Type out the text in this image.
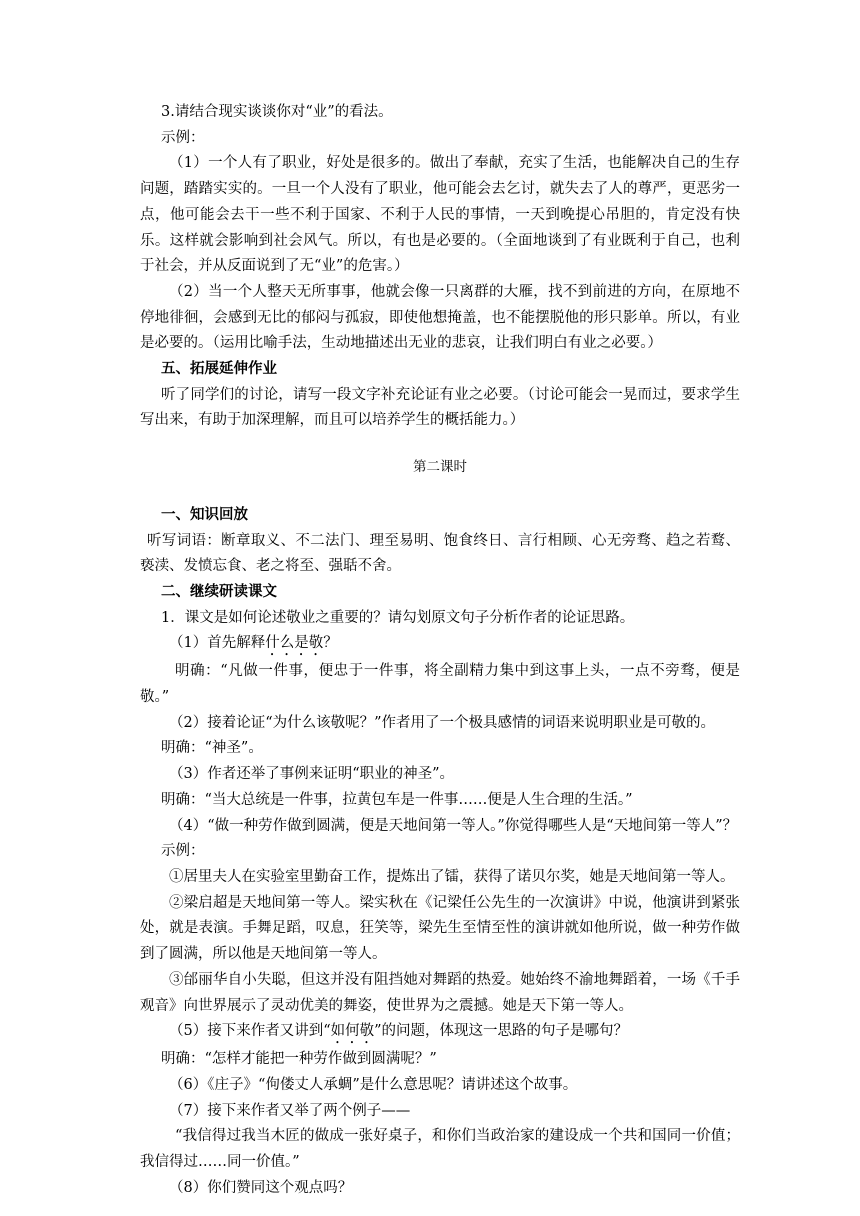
3.请结合现实谈谈你对“业”的看法。

示例：

（1）一个人有了职业，好处是很多的。做出了奉献，充实了生活，也能解决自己的生存问题，踏踏实实的。一旦一个人没有了职业，他可能会去乞讨，就失去了人的尊严，更恶劣一点，他可能会去干一些不利于国家、不利于人民的事情，一天到晚提心吊胆的，肯定没有快乐。这样就会影响到社会风气。所以，有也是必要的。（全面地谈到了有业既利于自己，也利于社会，并从反面说到了无“业”的危害。）

（2）当一个人整天无所事事，他就会像一只离群的大雁，找不到前进的方向，在原地不停地徘徊，会感到无比的郁闷与孤寂，即使他想掩盖，也不能摆脱他的形只影单。所以，有业是必要的。（运用比喻手法，生动地描述出无业的悲哀，让我们明白有业之必要。）

五、拓展延伸作业

听了同学们的讨论，请写一段文字补充论证有业之必要。（讨论可能会一晃而过，要求学生写出来，有助于加深理解，而且可以培养学生的概括能力。）

第二课时

一、知识回放

听写词语：断章取义、不二法门、理至易明、饱食终日、言行相顾、心无旁骛、趋之若鹜、亵渎、发愤忘食、老之将至、强聒不舍。

二、继续研读课文

1．课文是如何论述敬业之重要的？请勾划原文句子分析作者的论证思路。

（1）首先解释什么是敬？

明确：“凡做一件事，便忠于一件事，将全副精力集中到这事上头，一点不旁骛，便是敬。”

（2）接着论证“为什么该敬呢？”作者用了一个极具感情的词语来说明职业是可敬的。

明确：“神圣”。

（3）作者还举了事例来证明“职业的神圣”。

明确：“当大总统是一件事，拉黄包车是一件事……便是人生合理的生活。”

（4）“做一种劳作做到圆满，便是天地间第一等人。”你觉得哪些人是“天地间第一等人”？

示例：

①居里夫人在实验室里勤奋工作，提炼出了镭，获得了诺贝尔奖，她是天地间第一等人。

②梁启超是天地间第一等人。梁实秋在《记梁任公先生的一次演讲》中说，他演讲到紧张处，就是表演。手舞足蹈，叹息，狂笑等，梁先生至情至性的演讲就如他所说，做一种劳作做到了圆满，所以他是天地间第一等人。

③邰丽华自小失聪，但这并没有阻挡她对舞蹈的热爱。她始终不渝地舞蹈着，一场《千手观音》向世界展示了灵动优美的舞姿，使世界为之震撼。她是天下第一等人。

（5）接下来作者又讲到“如何敬”的问题，体现这一思路的句子是哪句？

明确：“怎样才能把一种劳作做到圆满呢？”

（6）《庄子》“佝偻丈人承蜩”是什么意思呢？请讲述这个故事。

（7）接下来作者又举了两个例子——

“我信得过我当木匠的做成一张好桌子，和你们当政治家的建设成一个共和国同一价值；我信得过……同一价值。”

（8）你们赞同这个观点吗？
